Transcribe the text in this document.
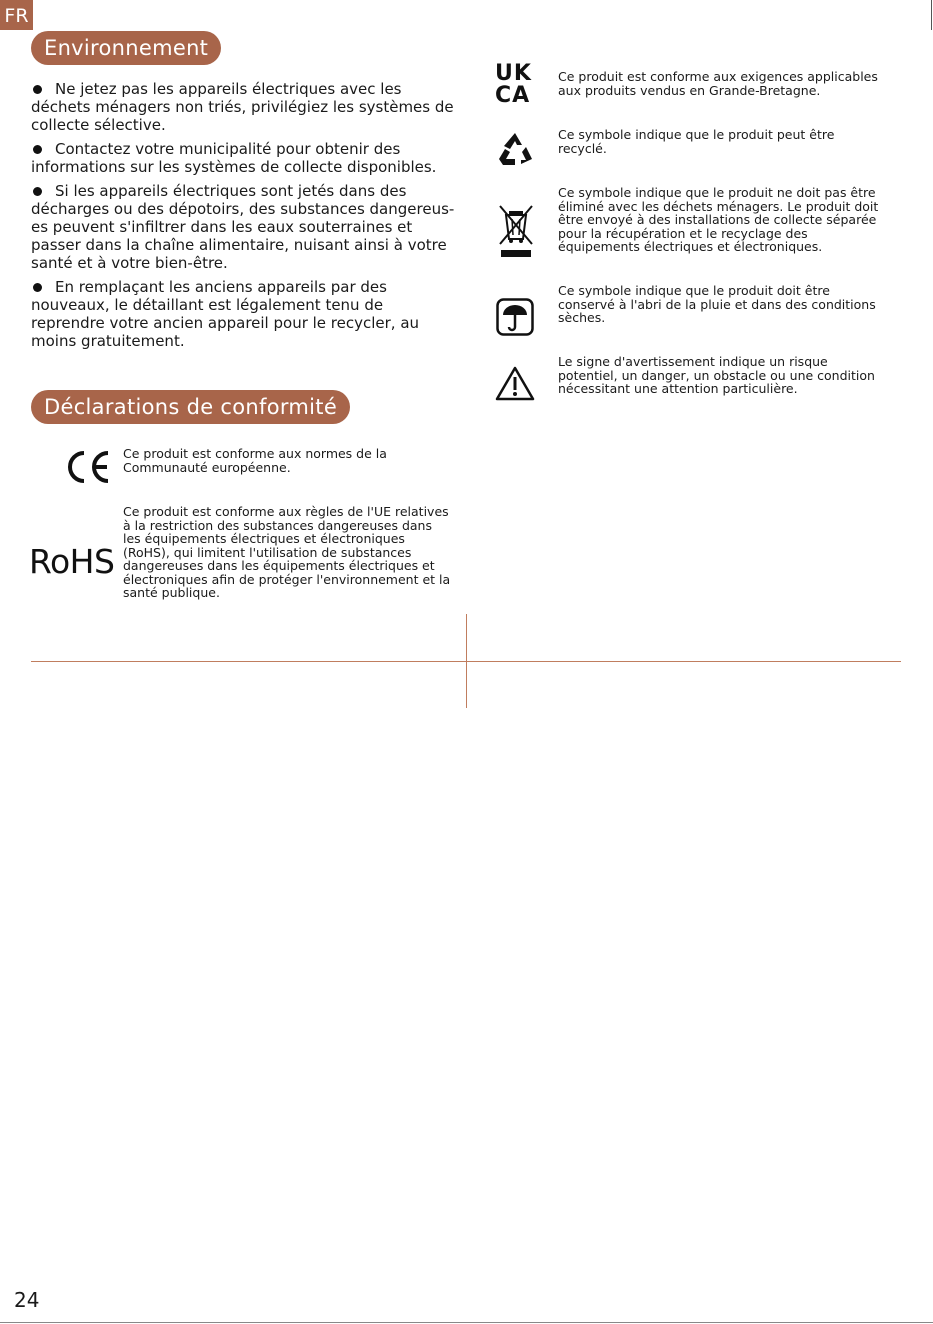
FR
Environnement
Ne jetez pas les appareils électriques avec les déchets ménagers non triés, privilégiez les systèmes de collecte sélective.
Contactez votre municipalité pour obtenir des informations sur les systèmes de collecte disponibles.
Si les appareils électriques sont jetés dans des décharges ou des dépotoirs, des substances dangereus-es peuvent s'infiltrer dans les eaux souterraines et passer dans la chaîne alimentaire, nuisant ainsi à votre santé et à votre bien-être.
En remplaçant les anciens appareils par des nouveaux, le détaillant est légalement tenu de reprendre votre ancien appareil pour le recycler, au moins gratuitement.
Déclarations de conformité
Ce produit est conforme aux normes de la Communauté européenne.
RoHS
Ce produit est conforme aux règles de l'UE relatives à la restriction des substances dangereuses dans les équipements électriques et électroniques (RoHS), qui limitent l'utilisation de substances dangereuses dans les équipements électriques et électroniques afin de protéger l'environnement et la santé publique.
UK
CA
Ce produit est conforme aux exigences applicables aux produits vendus en Grande-Bretagne.
Ce symbole indique que le produit peut être recyclé.
Ce symbole indique que le produit ne doit pas être éliminé avec les déchets ménagers. Le produit doit être envoyé à des installations de collecte séparée pour la récupération et le recyclage des équipements électriques et électroniques.
Ce symbole indique que le produit doit être conservé à l'abri de la pluie et dans des conditions sèches.
Le signe d'avertissement indique un risque potentiel, un danger, un obstacle ou une condition nécessitant une attention particulière.
24
